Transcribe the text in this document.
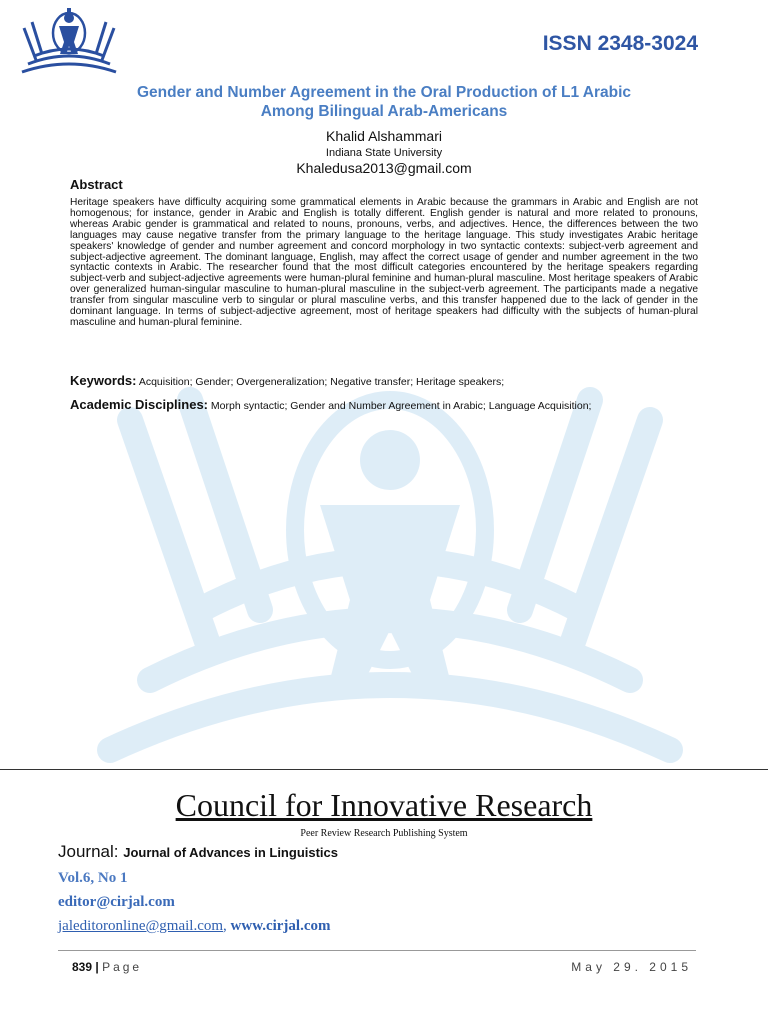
ISSN 2348-3024
Gender and Number Agreement in the Oral Production of L1 Arabic
Among Bilingual Arab-Americans
Khalid Alshammari
Indiana State University
Khaledusa2013@gmail.com
Abstract

Heritage speakers have difficulty acquiring some grammatical elements in Arabic because the grammars in Arabic and English are not homogenous; for instance, gender in Arabic and English is totally different. English gender is natural and more related to pronouns, whereas Arabic gender is grammatical and related to nouns, pronouns, verbs, and adjectives. Hence, the differences between the two languages may cause negative transfer from the primary language to the heritage language. This study investigates Arabic heritage speakers' knowledge of gender and number agreement and concord morphology in two syntactic contexts: subject-verb agreement and subject-adjective agreement. The dominant language, English, may affect the correct usage of gender and number agreement in the two syntactic contexts in Arabic. The researcher found that the most difficult categories encountered by the heritage speakers regarding subject-verb and subject-adjective agreements were human-plural feminine and human-plural masculine. Most heritage speakers of Arabic over generalized human-singular masculine to human-plural masculine in the subject-verb agreement. The participants made a negative transfer from singular masculine verb to singular or plural masculine verbs, and this transfer happened due to the lack of gender in the dominant language. In terms of subject-adjective agreement, most of heritage speakers had difficulty with the subjects of human-plural masculine and human-plural feminine.

Keywords: Acquisition; Gender; Overgeneralization; Negative transfer; Heritage speakers;
Academic Disciplines: Morph syntactic; Gender and Number Agreement in Arabic; Language Acquisition;
Council for Innovative Research
Peer Review Research Publishing System
Journal: Journal of Advances in Linguistics
Vol.6, No 1
editor@cirjal.com
jaleditoronline@gmail.com, www.cirjal.com
839 | Page	May 29. 2015
